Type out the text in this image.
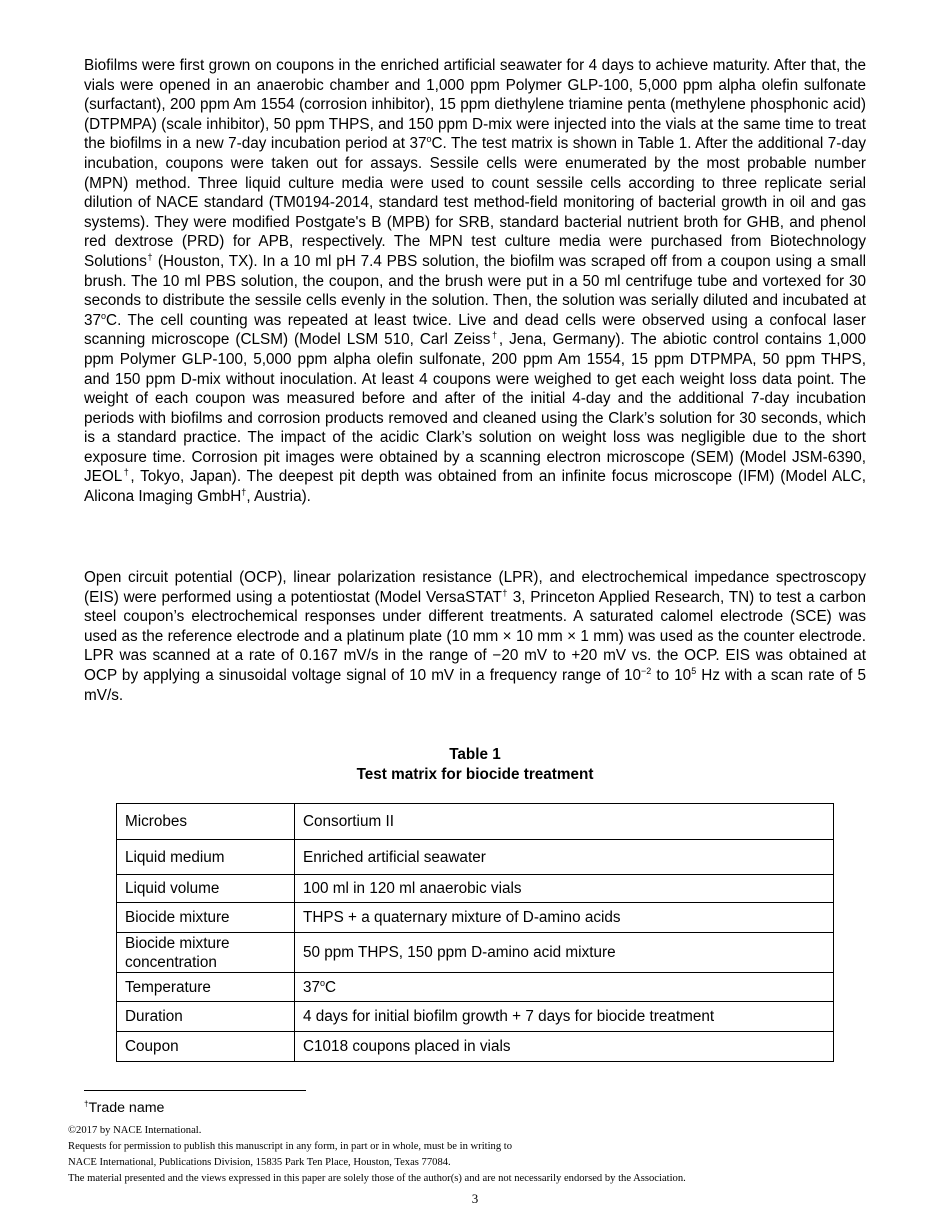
Biofilms were first grown on coupons in the enriched artificial seawater for 4 days to achieve maturity. After that, the vials were opened in an anaerobic chamber and 1,000 ppm Polymer GLP-100, 5,000 ppm alpha olefin sulfonate (surfactant), 200 ppm Am 1554 (corrosion inhibitor), 15 ppm diethylene triamine penta (methylene phosphonic acid) (DTPMPA) (scale inhibitor), 50 ppm THPS, and 150 ppm D-mix were injected into the vials at the same time to treat the biofilms in a new 7-day incubation period at 37$^o$C. The test matrix is shown in Table 1. After the additional 7-day incubation, coupons were taken out for assays. Sessile cells were enumerated by the most probable number (MPN) method. Three liquid culture media were used to count sessile cells according to three replicate serial dilution of NACE standard (TM0194-2014, standard test method-field monitoring of bacterial growth in oil and gas systems). They were modified Postgate's B (MPB) for SRB, standard bacterial nutrient broth for GHB, and phenol red dextrose (PRD) for APB, respectively. The MPN test culture media were purchased from Biotechnology Solutions† (Houston, TX). In a 10 ml pH 7.4 PBS solution, the biofilm was scraped off from a coupon using a small brush. The 10 ml PBS solution, the coupon, and the brush were put in a 50 ml centrifuge tube and vortexed for 30 seconds to distribute the sessile cells evenly in the solution. Then, the solution was serially diluted and incubated at 37$^o$C. The cell counting was repeated at least twice. Live and dead cells were observed using a confocal laser scanning microscope (CLSM) (Model LSM 510, Carl Zeiss†, Jena, Germany). The abiotic control contains 1,000 ppm Polymer GLP-100, 5,000 ppm alpha olefin sulfonate, 200 ppm Am 1554, 15 ppm DTPMPA, 50 ppm THPS, and 150 ppm D-mix without inoculation. At least 4 coupons were weighed to get each weight loss data point. The weight of each coupon was measured before and after of the initial 4-day and the additional 7-day incubation periods with biofilms and corrosion products removed and cleaned using the Clark’s solution for 30 seconds, which is a standard practice. The impact of the acidic Clark’s solution on weight loss was negligible due to the short exposure time. Corrosion pit images were obtained by a scanning electron microscope (SEM) (Model JSM-6390, JEOL†, Tokyo, Japan). The deepest pit depth was obtained from an infinite focus microscope (IFM) (Model ALC, Alicona Imaging GmbH†, Austria).

Open circuit potential (OCP), linear polarization resistance (LPR), and electrochemical impedance spectroscopy (EIS) were performed using a potentiostat (Model VersaSTAT† 3, Princeton Applied Research, TN) to test a carbon steel coupon’s electrochemical responses under different treatments. A saturated calomel electrode (SCE) was used as the reference electrode and a platinum plate (10 mm × 10 mm × 1 mm) was used as the counter electrode. LPR was scanned at a rate of 0.167 mV/s in the range of −20 mV to +20 mV vs. the OCP. EIS was obtained at OCP by applying a sinusoidal voltage signal of 10 mV in a frequency range of $10^{-2}$ to $10^5$ Hz with a scan rate of 5 mV/s.

Table 1
Test matrix for biocide treatment
Microbes	Consortium II
Liquid medium	Enriched artificial seawater
Liquid volume	100 ml in 120 ml anaerobic vials
Biocide mixture	THPS + a quaternary mixture of D-amino acids
Biocide mixture concentration	50 ppm THPS, 150 ppm D-amino acid mixture
Temperature	37$^o$C
Duration	4 days for initial biofilm growth + 7 days for biocide treatment
Coupon	C1018 coupons placed in vials
†Trade name
©2017 by NACE International.
Requests for permission to publish this manuscript in any form, in part or in whole, must be in writing to
NACE International, Publications Division, 15835 Park Ten Place, Houston, Texas 77084.
The material presented and the views expressed in this paper are solely those of the author(s) and are not necessarily endorsed by the Association.
3
